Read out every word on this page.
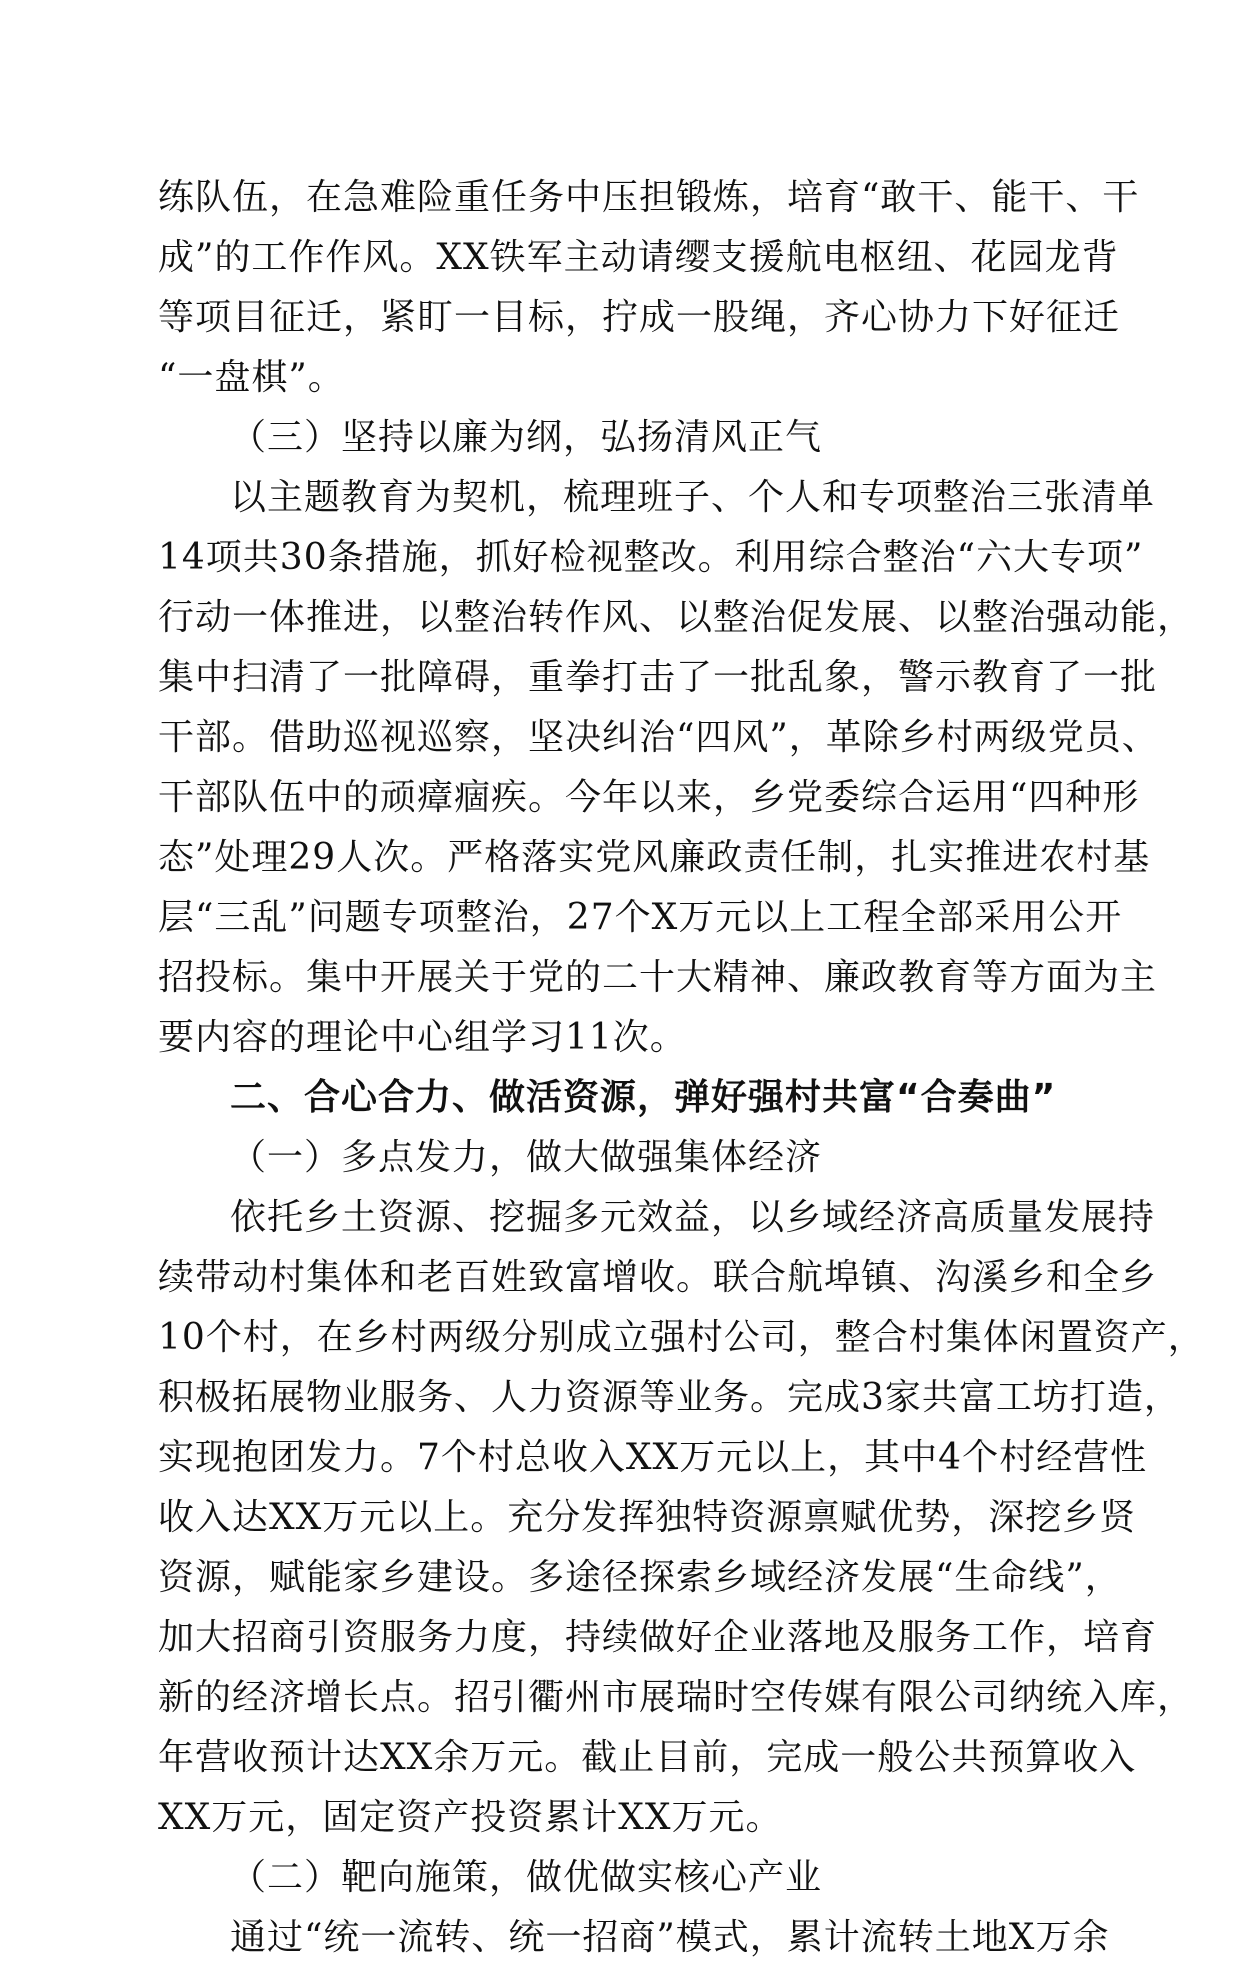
练队伍，在急难险重任务中压担锻炼，培育“敢干、能干、干
成”的工作作风。XX铁军主动请缨支援航电枢纽、花园龙背
等项目征迁，紧盯一目标，拧成一股绳，齐心协力下好征迁
“一盘棋”。
（三）坚持以廉为纲，弘扬清风正气
以主题教育为契机，梳理班子、个人和专项整治三张清单
14项共30条措施，抓好检视整改。利用综合整治“六大专项”
行动一体推进，以整治转作风、以整治促发展、以整治强动能，
集中扫清了一批障碍，重拳打击了一批乱象，警示教育了一批
干部。借助巡视巡察，坚决纠治“四风”，革除乡村两级党员、
干部队伍中的顽瘴痼疾。今年以来，乡党委综合运用“四种形
态”处理29人次。严格落实党风廉政责任制，扎实推进农村基
层“三乱”问题专项整治，27个X万元以上工程全部采用公开
招投标。集中开展关于党的二十大精神、廉政教育等方面为主
要内容的理论中心组学习11次。
二、合心合力、做活资源，弹好强村共富“合奏曲”
（一）多点发力，做大做强集体经济
依托乡土资源、挖掘多元效益，以乡域经济高质量发展持
续带动村集体和老百姓致富增收。联合航埠镇、沟溪乡和全乡
10个村，在乡村两级分别成立强村公司，整合村集体闲置资产，
积极拓展物业服务、人力资源等业务。完成3家共富工坊打造，
实现抱团发力。7个村总收入XX万元以上，其中4个村经营性
收入达XX万元以上。充分发挥独特资源禀赋优势，深挖乡贤
资源，赋能家乡建设。多途径探索乡域经济发展“生命线”，
加大招商引资服务力度，持续做好企业落地及服务工作，培育
新的经济增长点。招引衢州市展瑞时空传媒有限公司纳统入库，
年营收预计达XX余万元。截止目前，完成一般公共预算收入
XX万元，固定资产投资累计XX万元。
（二）靶向施策，做优做实核心产业
通过“统一流转、统一招商”模式，累计流转土地X万余
